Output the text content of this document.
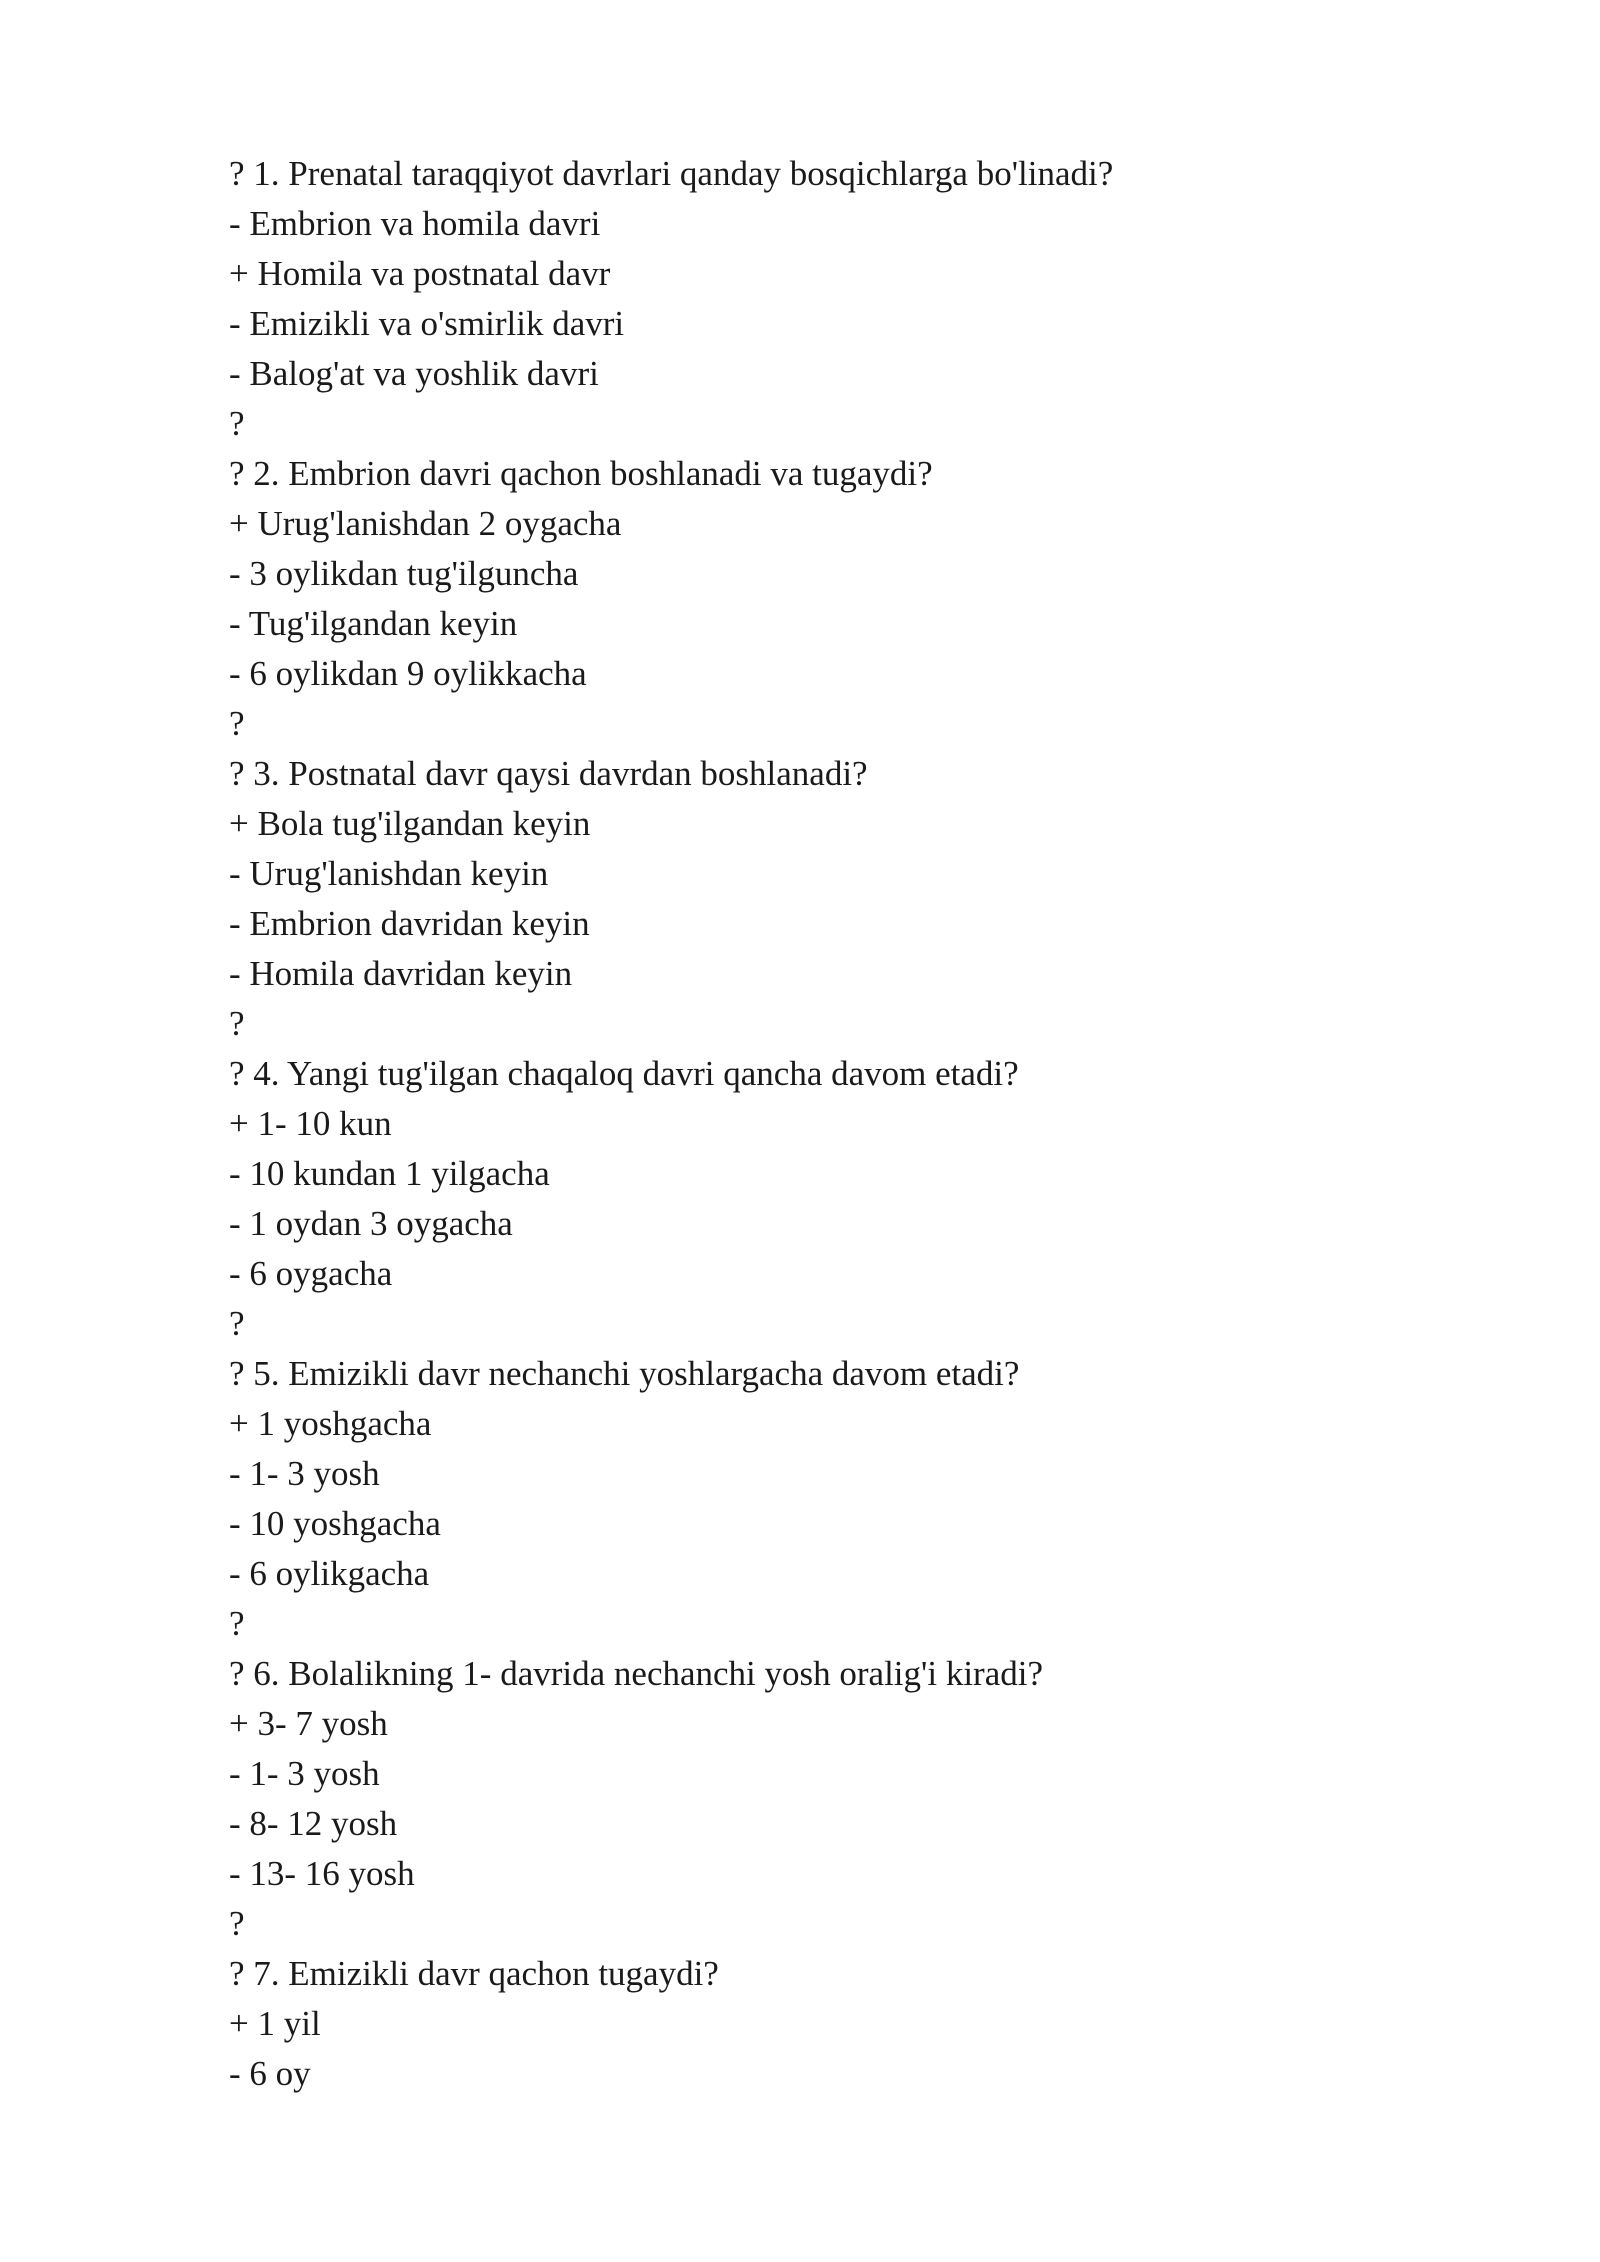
? 1. Prenatal taraqqiyot davrlari qanday bosqichlarga bo'linadi?
- Embrion va homila davri
+ Homila va postnatal davr
- Emizikli va o'smirlik davri
- Balog'at va yoshlik davri
?
? 2. Embrion davri qachon boshlanadi va tugaydi?
+ Urug'lanishdan 2 oygacha
- 3 oylikdan tug'ilguncha
- Tug'ilgandan keyin
- 6 oylikdan 9 oylikkacha
?
? 3. Postnatal davr qaysi davrdan boshlanadi?
+ Bola tug'ilgandan keyin
- Urug'lanishdan keyin
- Embrion davridan keyin
- Homila davridan keyin
?
? 4. Yangi tug'ilgan chaqaloq davri qancha davom etadi?
+ 1- 10 kun
- 10 kundan 1 yilgacha
- 1 oydan 3 oygacha
- 6 oygacha
?
? 5. Emizikli davr nechanchi yoshlargacha davom etadi?
+ 1 yoshgacha
- 1- 3 yosh
- 10 yoshgacha
- 6 oylikgacha
?
? 6. Bolalikning 1- davrida nechanchi yosh oralig'i kiradi?
+ 3- 7 yosh
- 1- 3 yosh
- 8- 12 yosh
- 13- 16 yosh
?
? 7. Emizikli davr qachon tugaydi?
+ 1 yil
- 6 oy
